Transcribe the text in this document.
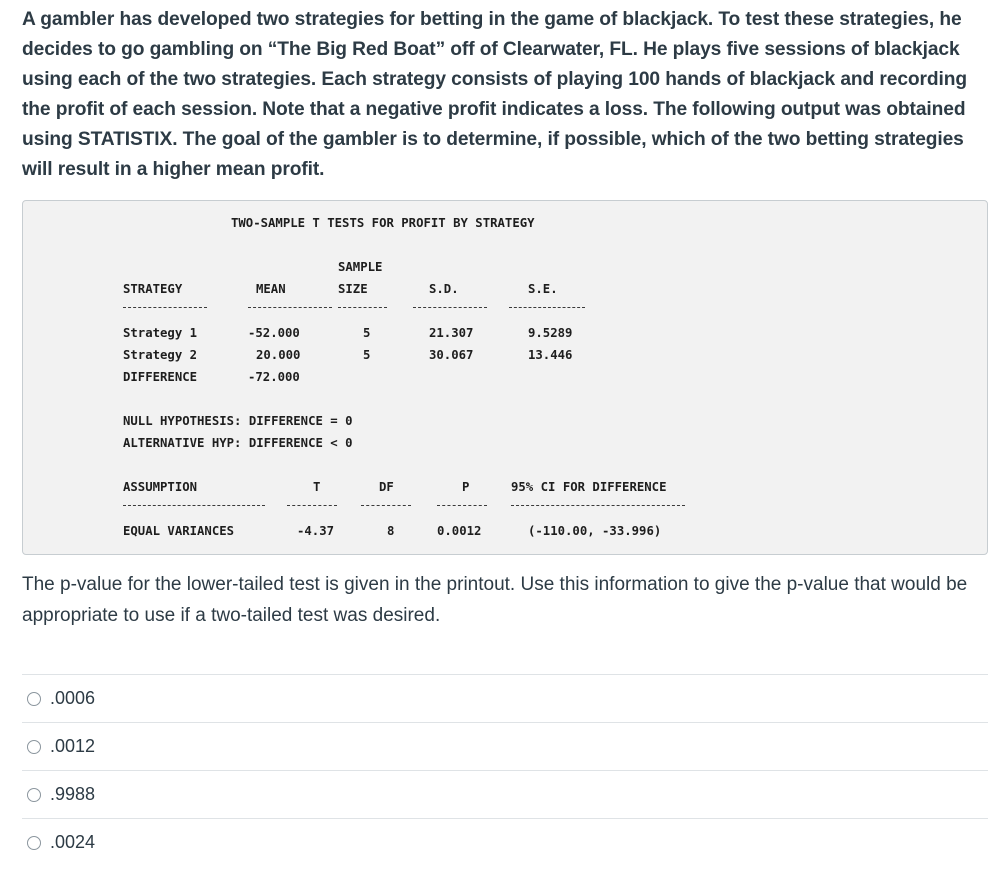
A gambler has developed two strategies for betting in the game of blackjack. To test these strategies, he decides to go gambling on “The Big Red Boat” off of Clearwater, FL. He plays five sessions of blackjack using each of the two strategies. Each strategy consists of playing 100 hands of blackjack and recording the profit of each session. Note that a negative profit indicates a loss. The following output was obtained using STATISTIX. The goal of the gambler is to determine, if possible, which of the two betting strategies will result in a higher mean profit.
TWO-SAMPLE T TESTS FOR PROFIT BY STRATEGY
SAMPLE
STRATEGY	MEAN	SIZE	S.D.	S.E.
Strategy 1	-52.000	5	21.307	9.5289
Strategy 2	20.000	5	30.067	13.446
DIFFERENCE	-72.000
NULL HYPOTHESIS: DIFFERENCE = 0
ALTERNATIVE HYP: DIFFERENCE < 0
ASSUMPTION	T	DF	P	95% CI FOR DIFFERENCE
EQUAL VARIANCES	-4.37	8	0.0012	(-110.00, -33.996)
The p-value for the lower-tailed test is given in the printout. Use this information to give the p-value that would be appropriate to use if a two-tailed test was desired.
.0006
.0012
.9988
.0024
